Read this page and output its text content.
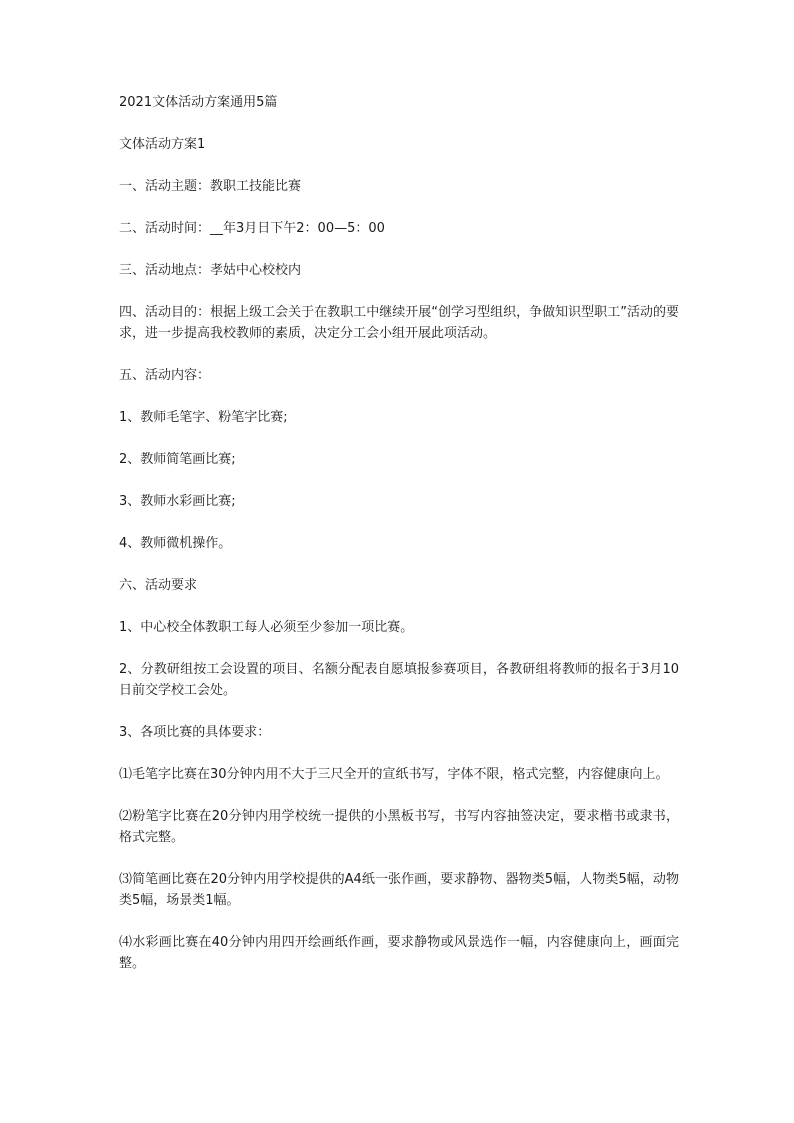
2021文体活动方案通用5篇

文体活动方案1

一、活动主题：教职工技能比赛

二、活动时间：__年3月日下午2：00—5：00

三、活动地点：孝姑中心校校内

四、活动目的：根据上级工会关于在教职工中继续开展“创学习型组织，争做知识型职工”活动的要求，进一步提高我校教师的素质，决定分工会小组开展此项活动。

五、活动内容：

1、教师毛笔字、粉笔字比赛;

2、教师简笔画比赛;

3、教师水彩画比赛;

4、教师微机操作。

六、活动要求

1、中心校全体教职工每人必须至少参加一项比赛。

2、分教研组按工会设置的项目、名额分配表自愿填报参赛项目，各教研组将教师的报名于3月10日前交学校工会处。

3、各项比赛的具体要求：

⑴毛笔字比赛在30分钟内用不大于三尺全开的宣纸书写，字体不限，格式完整，内容健康向上。

⑵粉笔字比赛在20分钟内用学校统一提供的小黑板书写，书写内容抽签决定，要求楷书或隶书，格式完整。

⑶简笔画比赛在20分钟内用学校提供的A4纸一张作画，要求静物、器物类5幅，人物类5幅，动物类5幅，场景类1幅。

⑷水彩画比赛在40分钟内用四开绘画纸作画，要求静物或风景选作一幅，内容健康向上，画面完整。
